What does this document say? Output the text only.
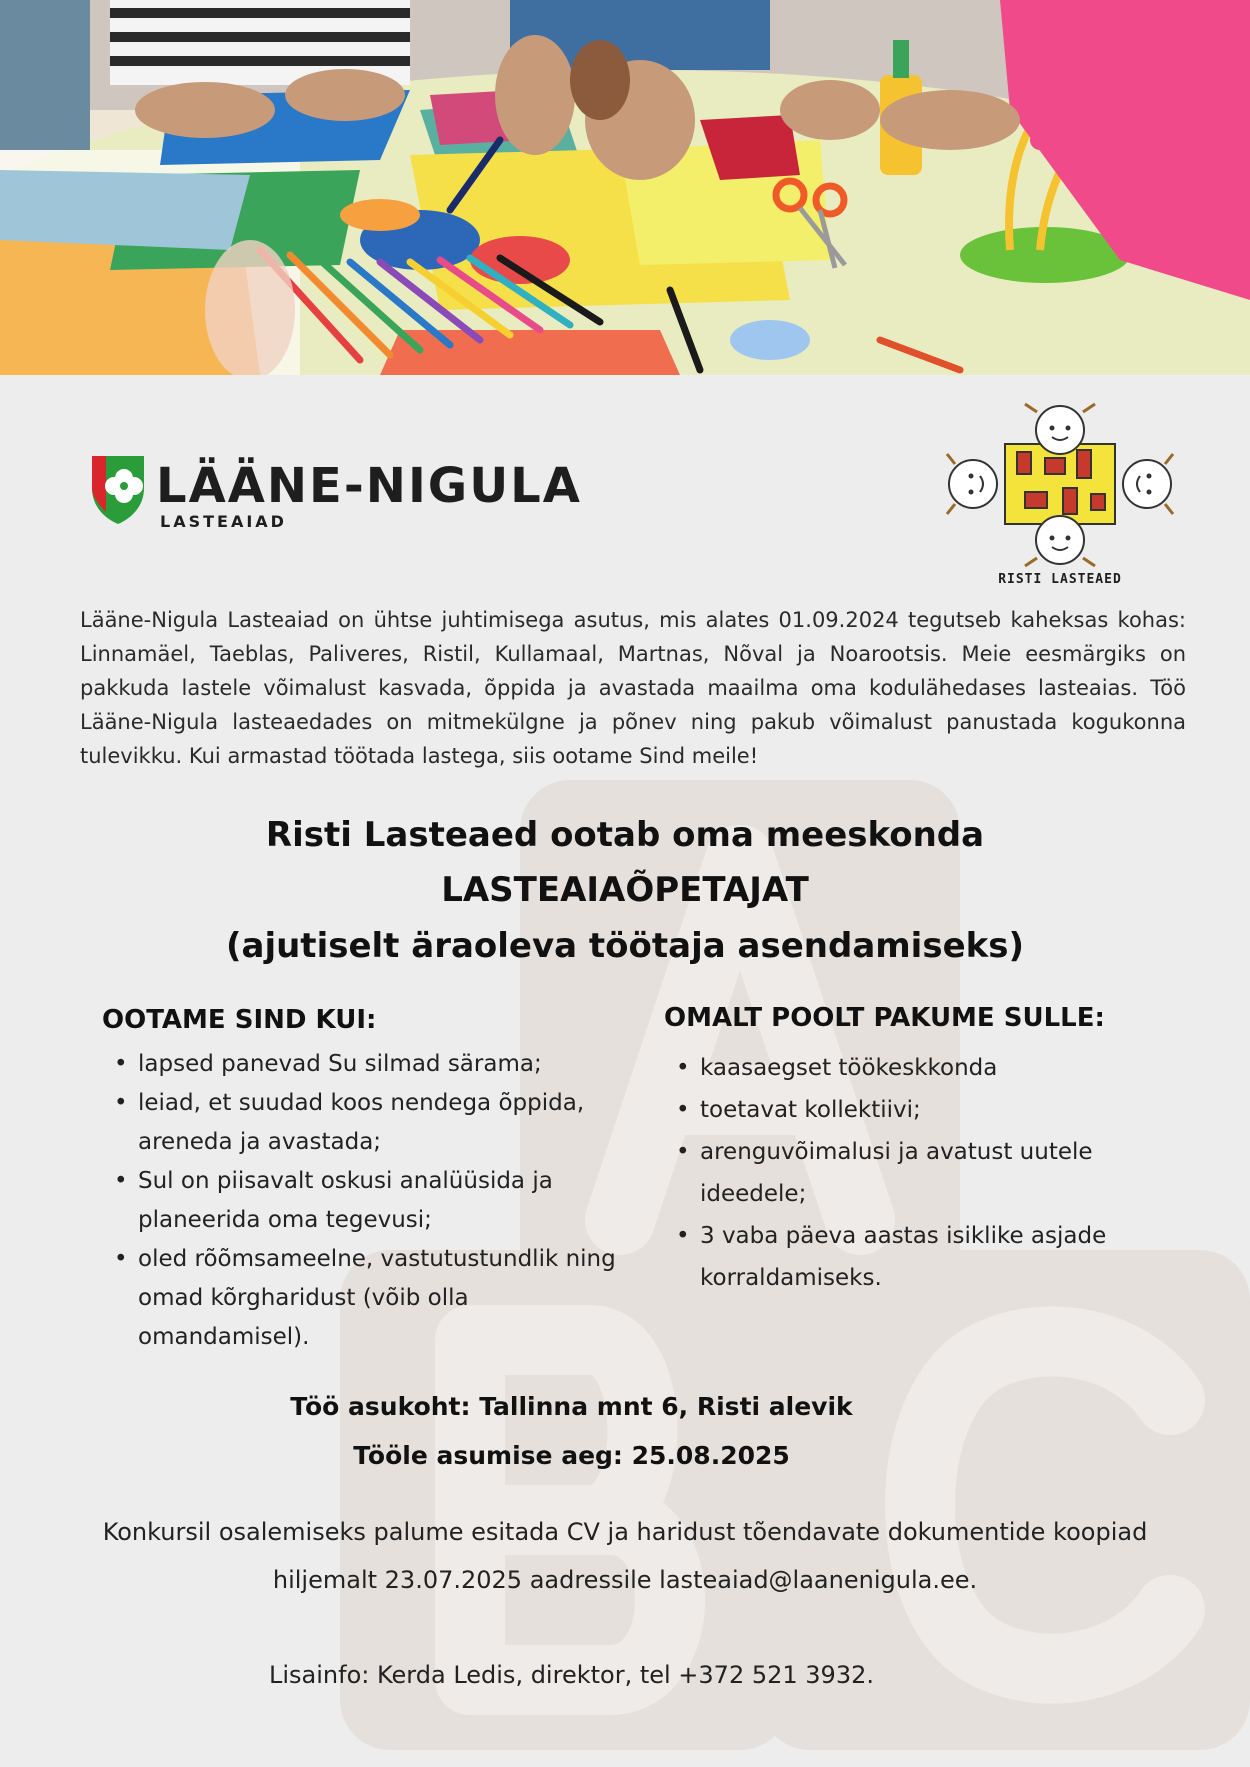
LÄÄNE-NIGULA
LASTEAIAD
RISTI LASTEAED

Lääne-Nigula Lasteaiad on ühtse juhtimisega asutus, mis alates 01.09.2024 tegutseb kaheksas kohas: Linnamäel, Taeblas, Paliveres, Ristil, Kullamaal, Martnas, Nõval ja Noarootsis. Meie eesmärgiks on pakkuda lastele võimalust kasvada, õppida ja avastada maailma oma kodulähedases lasteaias. Töö Lääne-Nigula lasteaedades on mitmekülgne ja põnev ning pakub võimalust panustada kogukonna tulevikku. Kui armastad töötada lastega, siis ootame Sind meile!

Risti Lasteaed ootab oma meeskonda
LASTEAIAÕPETAJAT
(ajutiselt äraoleva töötaja asendamiseks)
OOTAME SIND KUI:
• lapsed panevad Su silmad särama;
• leiad, et suudad koos nendega õppida, areneda ja avastada;
• Sul on piisavalt oskusi analüüsida ja planeerida oma tegevusi;
• oled rõõmsameelne, vastutustundlik ning omad kõrgharidust (võib olla omandamisel).
OMALT POOLT PAKUME SULLE:
• kaasaegset töökeskkonda
• toetavat kollektiivi;
• arenguvõimalusi ja avatust uutele ideedele;
• 3 vaba päeva aastas isiklike asjade korraldamiseks.

Töö asukoht: Tallinna mnt 6, Risti alevik

Tööle asumise aeg: 25.08.2025

Konkursil osalemiseks palume esitada CV ja haridust tõendavate dokumentide koopiad hiljemalt 23.07.2025 aadressile lasteaiad@laanenigula.ee.

Lisainfo: Kerda Ledis, direktor, tel +372 521 3932.
